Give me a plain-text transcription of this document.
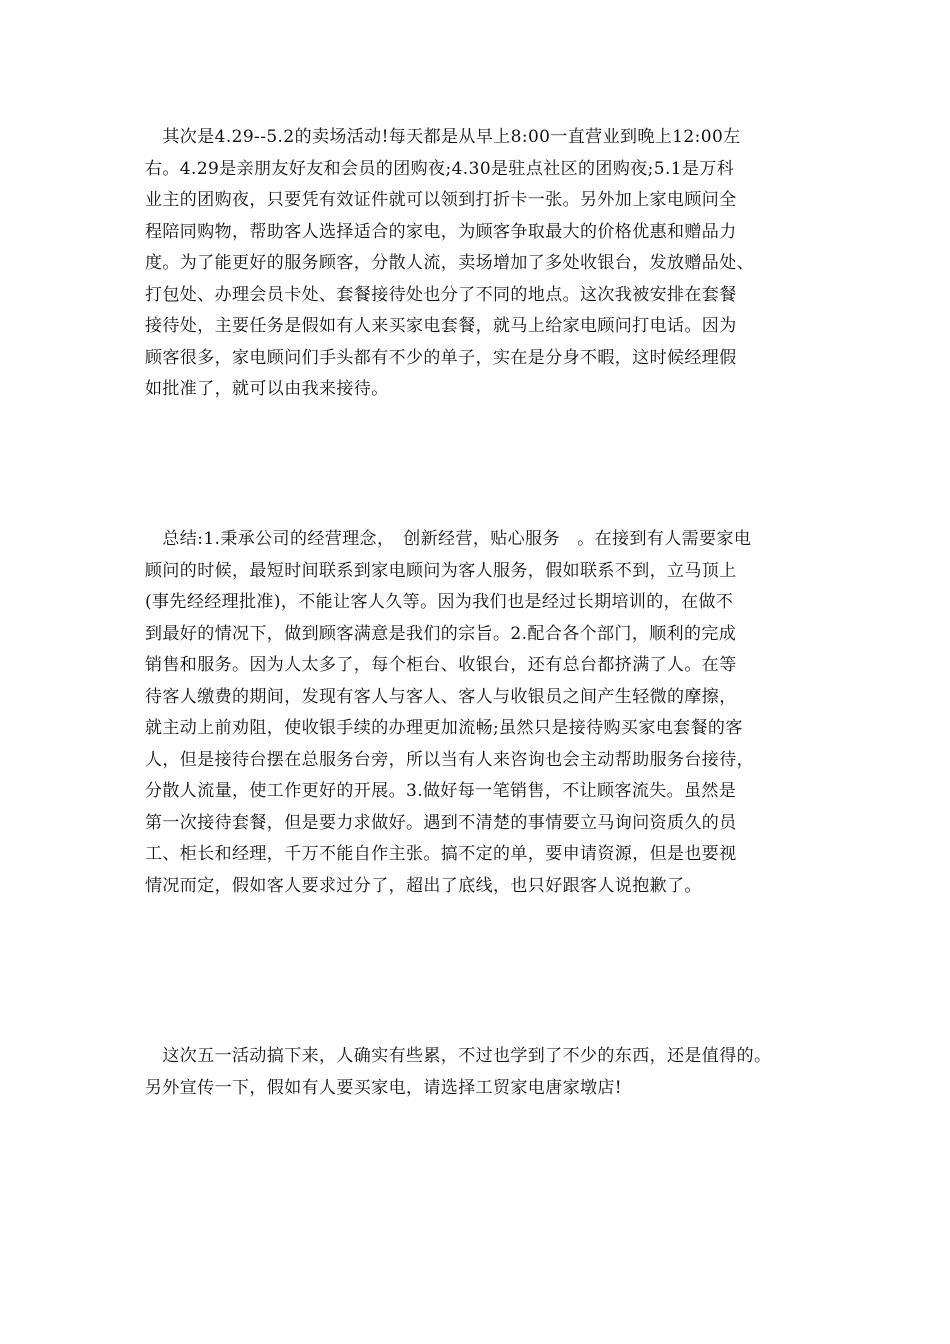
　其次是4.29--5.2的卖场活动!每天都是从早上8:00一直营业到晚上12:00左
右。4.29是亲朋友好友和会员的团购夜;4.30是驻点社区的团购夜;5.1是万科
业主的团购夜，只要凭有效证件就可以领到打折卡一张。另外加上家电顾问全
程陪同购物，帮助客人选择适合的家电，为顾客争取最大的价格优惠和赠品力
度。为了能更好的服务顾客，分散人流，卖场增加了多处收银台，发放赠品处、
打包处、办理会员卡处、套餐接待处也分了不同的地点。这次我被安排在套餐
接待处，主要任务是假如有人来买家电套餐，就马上给家电顾问打电话。因为
顾客很多，家电顾问们手头都有不少的单子，实在是分身不暇，这时候经理假
如批准了，就可以由我来接待。

　总结:1.秉承公司的经营理念，　创新经营，贴心服务　。在接到有人需要家电
顾问的时候，最短时间联系到家电顾问为客人服务，假如联系不到，立马顶上
(事先经经理批准)，不能让客人久等。因为我们也是经过长期培训的，在做不
到最好的情况下，做到顾客满意是我们的宗旨。2.配合各个部门，顺利的完成
销售和服务。因为人太多了，每个柜台、收银台，还有总台都挤满了人。在等
待客人缴费的期间，发现有客人与客人、客人与收银员之间产生轻微的摩擦，
就主动上前劝阻，使收银手续的办理更加流畅;虽然只是接待购买家电套餐的客
人，但是接待台摆在总服务台旁，所以当有人来咨询也会主动帮助服务台接待，
分散人流量，使工作更好的开展。3.做好每一笔销售，不让顾客流失。虽然是
第一次接待套餐，但是要力求做好。遇到不清楚的事情要立马询问资质久的员
工、柜长和经理，千万不能自作主张。搞不定的单，要申请资源，但是也要视
情况而定，假如客人要求过分了，超出了底线，也只好跟客人说抱歉了。

　这次五一活动搞下来，人确实有些累，不过也学到了不少的东西，还是值得的。
另外宣传一下，假如有人要买家电，请选择工贸家电唐家墩店!
